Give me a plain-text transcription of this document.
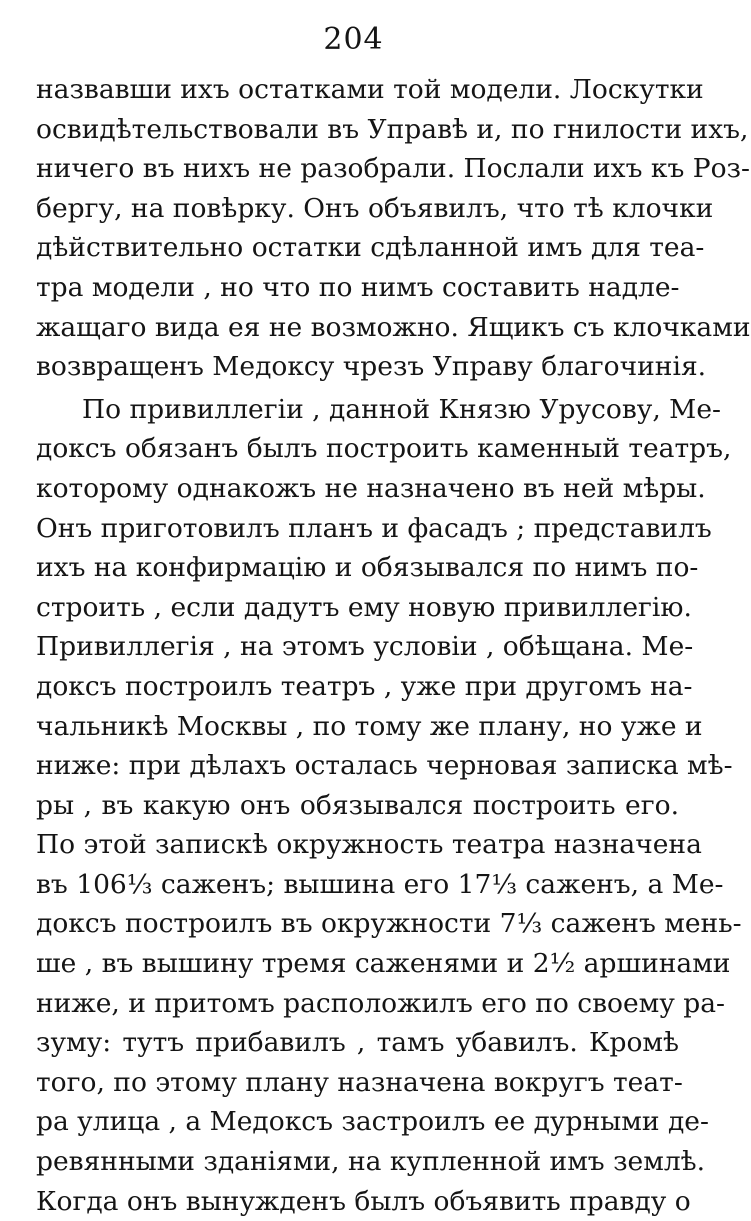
204
назвавши ихъ остатками той модели. Лоскутки
освидѣтельствовали въ Управѣ и, по гнилости ихъ,
ничего въ нихъ не разобрали. Послали ихъ къ Роз-
бергу, на повѣрку. Онъ объявилъ, что тѣ клочки
дѣйствительно остатки сдѣланной имъ для теа-
тра модели , но что по нимъ составить надле-
жащаго вида ея не возможно. Ящикъ съ клочками
возвращенъ Медоксу чрезъ Управу благочинія.
По привиллегіи , данной Князю Урусову, Ме-
доксъ обязанъ былъ построить каменный театръ,
которому однакожъ не назначено въ ней мѣры.
Онъ приготовилъ планъ и фасадъ ; представилъ
ихъ на конфирмацію и обязывался по нимъ по-
строить , если дадутъ ему новую привиллегію.
Привиллегія , на этомъ условіи , обѣщана. Ме-
доксъ построилъ театръ , уже при другомъ на-
чальникѣ Москвы , по тому же плану, но уже и
ниже: при дѣлахъ осталась черновая записка мѣ-
ры , въ какую онъ обязывался построить его.
По этой запискѣ окружность театра назначена
въ 106⅓ саженъ; вышина его 17⅓ саженъ, а Ме-
доксъ построилъ въ окружности 7⅓ саженъ мень-
ше , въ вышину тремя саженями и 2½ аршинами
ниже, и притомъ расположилъ его по своему ра-
зуму: тутъ прибавилъ , тамъ убавилъ. Кромѣ
того, по этому плану назначена вокругъ теат-
ра улица , а Медоксъ застроилъ ее дурными де-
ревянными зданіями, на купленной имъ землѣ.
Когда онъ вынужденъ былъ объявить правду о
